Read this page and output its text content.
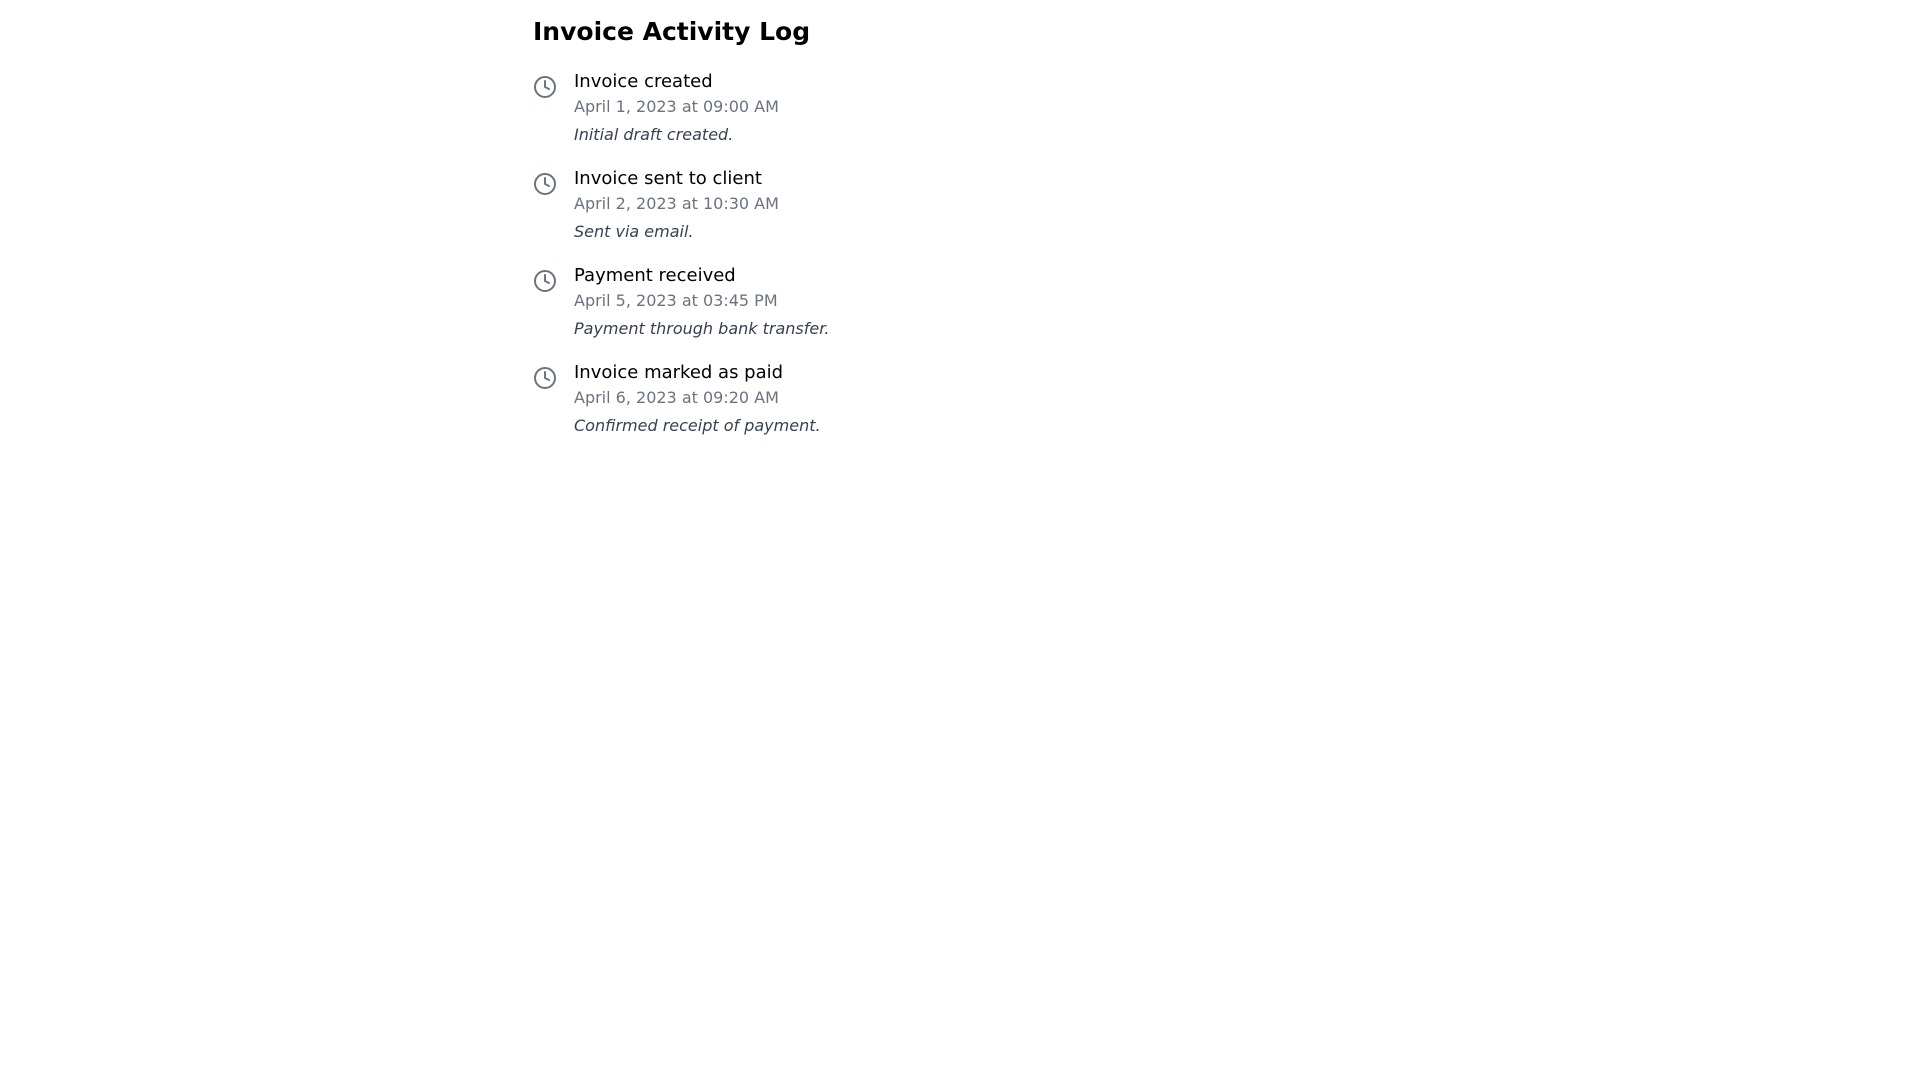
Invoice Activity Log
Invoice created
April 1, 2023 at 09:00 AM
Initial draft created.
Invoice sent to client
April 2, 2023 at 10:30 AM
Sent via email.
Payment received
April 5, 2023 at 03:45 PM
Payment through bank transfer.
Invoice marked as paid
April 6, 2023 at 09:20 AM
Confirmed receipt of payment.
